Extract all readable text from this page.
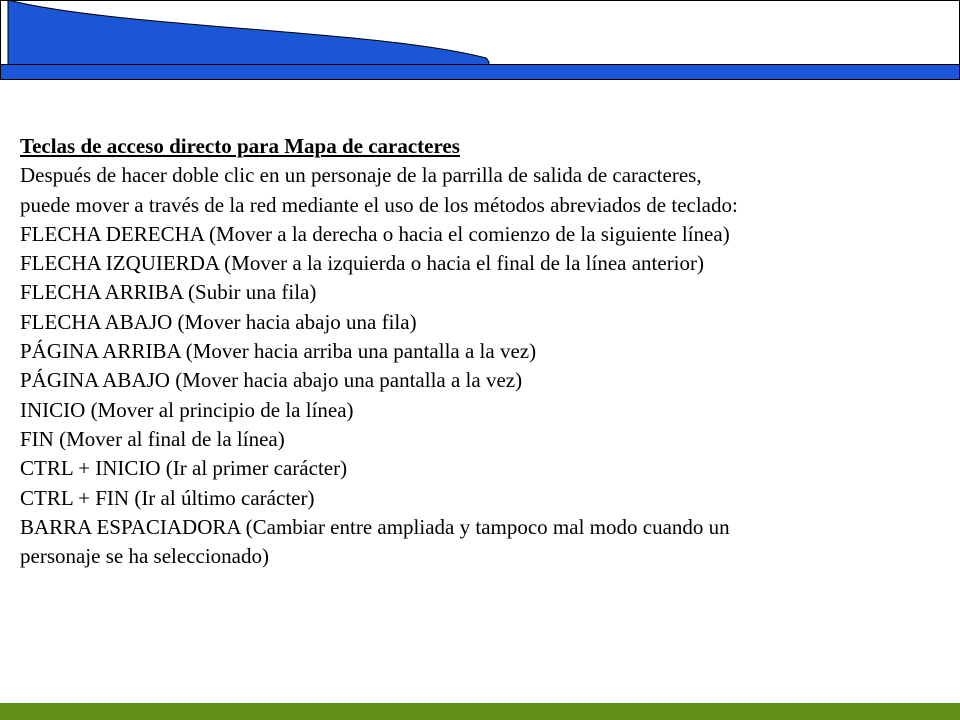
Teclas de acceso directo para Mapa de caracteres
Después de hacer doble clic en un personaje de la parrilla de salida de caracteres,
puede mover a través de la red mediante el uso de los métodos abreviados de teclado:
FLECHA DERECHA (Mover a la derecha o hacia el comienzo de la siguiente línea)
FLECHA IZQUIERDA (Mover a la izquierda o hacia el final de la línea anterior)
FLECHA ARRIBA (Subir una fila)
FLECHA ABAJO (Mover hacia abajo una fila)
PÁGINA ARRIBA (Mover hacia arriba una pantalla a la vez)
PÁGINA ABAJO (Mover hacia abajo una pantalla a la vez)
INICIO (Mover al principio de la línea)
FIN (Mover al final de la línea)
CTRL + INICIO (Ir al primer carácter)
CTRL + FIN (Ir al último carácter)
BARRA ESPACIADORA (Cambiar entre ampliada y tampoco mal modo cuando un
personaje se ha seleccionado)
